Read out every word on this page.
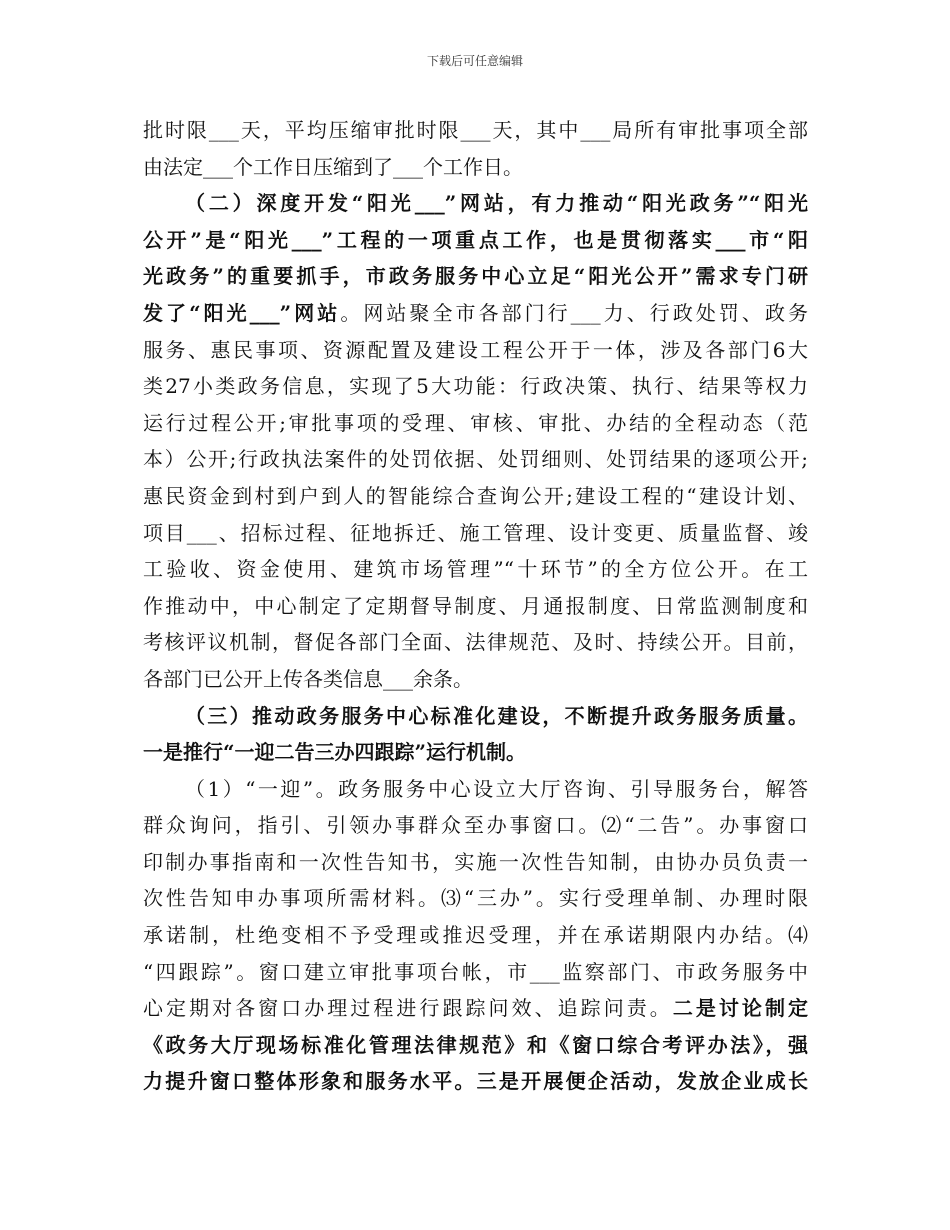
下载后可任意编辑
批时限___天，平均压缩审批时限___天，其中___局所有审批事项全部
由法定___个工作日压缩到了___个工作日。
（二）深度开发“阳光___”网站，有力推动“阳光政务”“阳光
公开”是“阳光___”工程的一项重点工作，也是贯彻落实___市“阳
光政务”的重要抓手，市政务服务中心立足“阳光公开”需求专门研
发了“阳光___”网站。网站聚全市各部门行___力、行政处罚、政务
服务、惠民事项、资源配置及建设工程公开于一体，涉及各部门6大
类27小类政务信息，实现了5大功能：行政决策、执行、结果等权力
运行过程公开;审批事项的受理、审核、审批、办结的全程动态（范
本）公开;行政执法案件的处罚依据、处罚细则、处罚结果的逐项公开;
惠民资金到村到户到人的智能综合查询公开;建设工程的“建设计划、
项目___、招标过程、征地拆迁、施工管理、设计变更、质量监督、竣
工验收、资金使用、建筑市场管理”“十环节”的全方位公开。在工
作推动中，中心制定了定期督导制度、月通报制度、日常监测制度和
考核评议机制，督促各部门全面、法律规范、及时、持续公开。目前，
各部门已公开上传各类信息___余条。
（三）推动政务服务中心标准化建设，不断提升政务服务质量。
一是推行“一迎二告三办四跟踪”运行机制。
（1）“一迎”。政务服务中心设立大厅咨询、引导服务台，解答
群众询问，指引、引领办事群众至办事窗口。⑵“二告”。办事窗口
印制办事指南和一次性告知书，实施一次性告知制，由协办员负责一
次性告知申办事项所需材料。⑶“三办”。实行受理单制、办理时限
承诺制，杜绝变相不予受理或推迟受理，并在承诺期限内办结。⑷
“四跟踪”。窗口建立审批事项台帐，市___监察部门、市政务服务中
心定期对各窗口办理过程进行跟踪问效、追踪问责。二是讨论制定
《政务大厅现场标准化管理法律规范》和《窗口综合考评办法》，强
力提升窗口整体形象和服务水平。三是开展便企活动，发放企业成长
